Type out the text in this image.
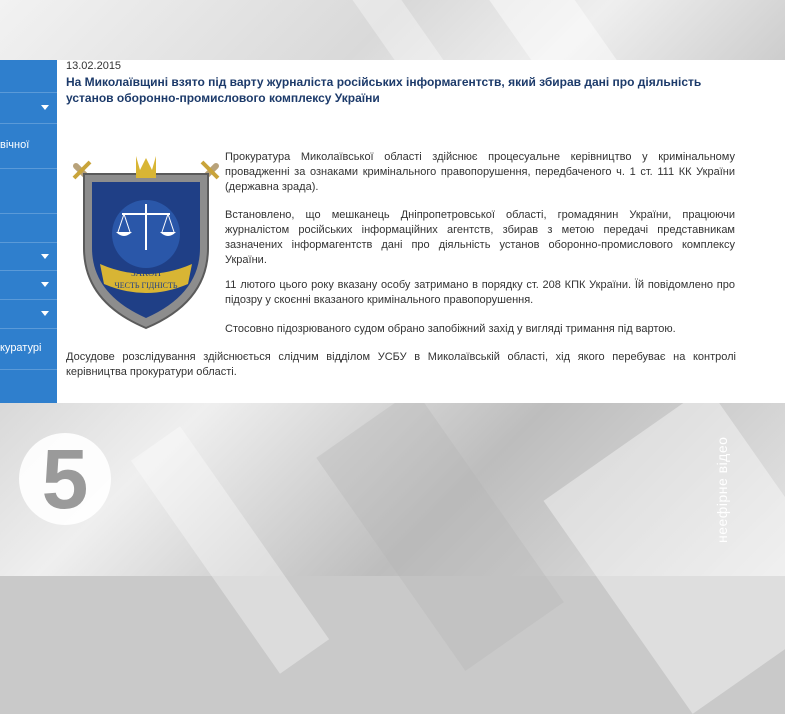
вічної
куратурі
13.02.2015
На Миколаївщині взято під варту журналіста російських інформагентств, який збирав дані про діяльність установ оборонно-промислового комплексу України
ЗАКОН
ЧЕСТЬ ГІДНІСТЬ
Прокуратура Миколаївської області здійснює процесуальне керівництво у кримінальному провадженні за ознаками кримінального правопорушення, передбаченого ч. 1 ст. 111 КК України (державна зрада).
Встановлено, що мешканець Дніпропетровської області, громадянин України, працюючи журналістом російських інформаційних агентств, збирав з метою передачі представникам зазначених інформагентств дані про діяльність установ оборонно-промислового комплексу України.
11 лютого цього року вказану особу затримано в порядку ст. 208 КПК України. Їй повідомлено про підозру у скоєнні вказаного кримінального правопорушення.
Стосовно підозрюваного судом обрано запобіжний захід у вигляді тримання під вартою.
Досудове розслідування здійснюється слідчим відділом УСБУ в Миколаївській області, хід якого перебуває на контролі керівництва прокуратури області.
5	неефірне відео
